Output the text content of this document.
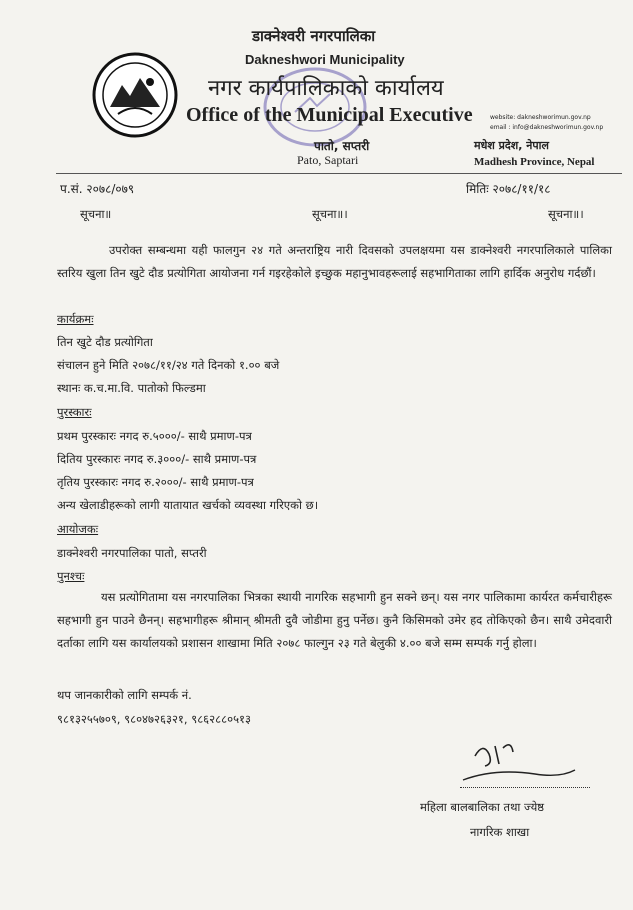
डाक्नेश्वरी नगरपालिका
Dakneshwori Municipality
नगर कार्यपालिकाको कार्यालय
Office of the Municipal Executive	website: dakneshworimun.gov.np
email : info@dakneshworimun.gov.np
पातो, सप्तरी
Pato, Saptari
मधेश प्रदेश, नेपाल
Madhesh Province, Nepal
प.सं. २०७८/०७९	मितिः २०७८/११/१८
सूचना॥	सूचना॥।	सूचना॥।
उपरोक्त सम्बन्धमा यही फालगुन २४ गते अन्तराष्ट्रिय नारी दिवसको उपलक्षयमा यस डाक्नेश्वरी नगरपालिकाले पालिका स्तरिय खुला तिन खुटे दौड प्रत्योगिता आयोजना गर्न गइरहेकोले इच्छुक महानुभावहरूलाई सहभागिताका लागि हार्दिक अनुरोध गर्दछौं।
कार्यक्रमः
तिन खुटे दौड प्रत्योगिता
संचालन हुने मिति २०७८/११/२४ गते दिनको १.०० बजे
स्थानः क.च.मा.वि. पातोको फिल्डमा
पुरस्कारः
प्रथम पुरस्कारः नगद रु.५०००/- साथै प्रमाण-पत्र
दितिय पुरस्कारः नगद रु.३०००/- साथै प्रमाण-पत्र
तृतिय पुरस्कारः नगद रु.२०००/- साथै प्रमाण-पत्र
अन्य खेलाडीहरूको लागी यातायात खर्चको व्यवस्था गरिएको छ।
आयोजकः
डाक्नेश्वरी नगरपालिका पातो, सप्तरी
पुनश्चः
यस प्रत्योगितामा यस नगरपालिका भित्रका स्थायी नागरिक सहभागी हुन सक्ने छन्। यस नगर पालिकामा कार्यरत कर्मचारीहरू सहभागी हुन पाउने छैनन्। सहभागीहरू श्रीमान् श्रीमती दुवै जोडीमा हुनु पर्नेछ। कुनै किसिमको उमेर हद तोकिएको छैन। साथै उमेदवारी दर्ताका लागि यस कार्यालयको प्रशासन शाखामा मिति २०७८ फाल्गुन २३ गते बेलुकी ४.०० बजे सम्म सम्पर्क गर्नु होला।
थप जानकारीको लागि सम्पर्क नं.
९८१३२५५७०९, ९८०४७२६३२१, ९८६२८८०५१३
महिला बालबालिका तथा ज्येष्ठ
नागरिक शाखा
